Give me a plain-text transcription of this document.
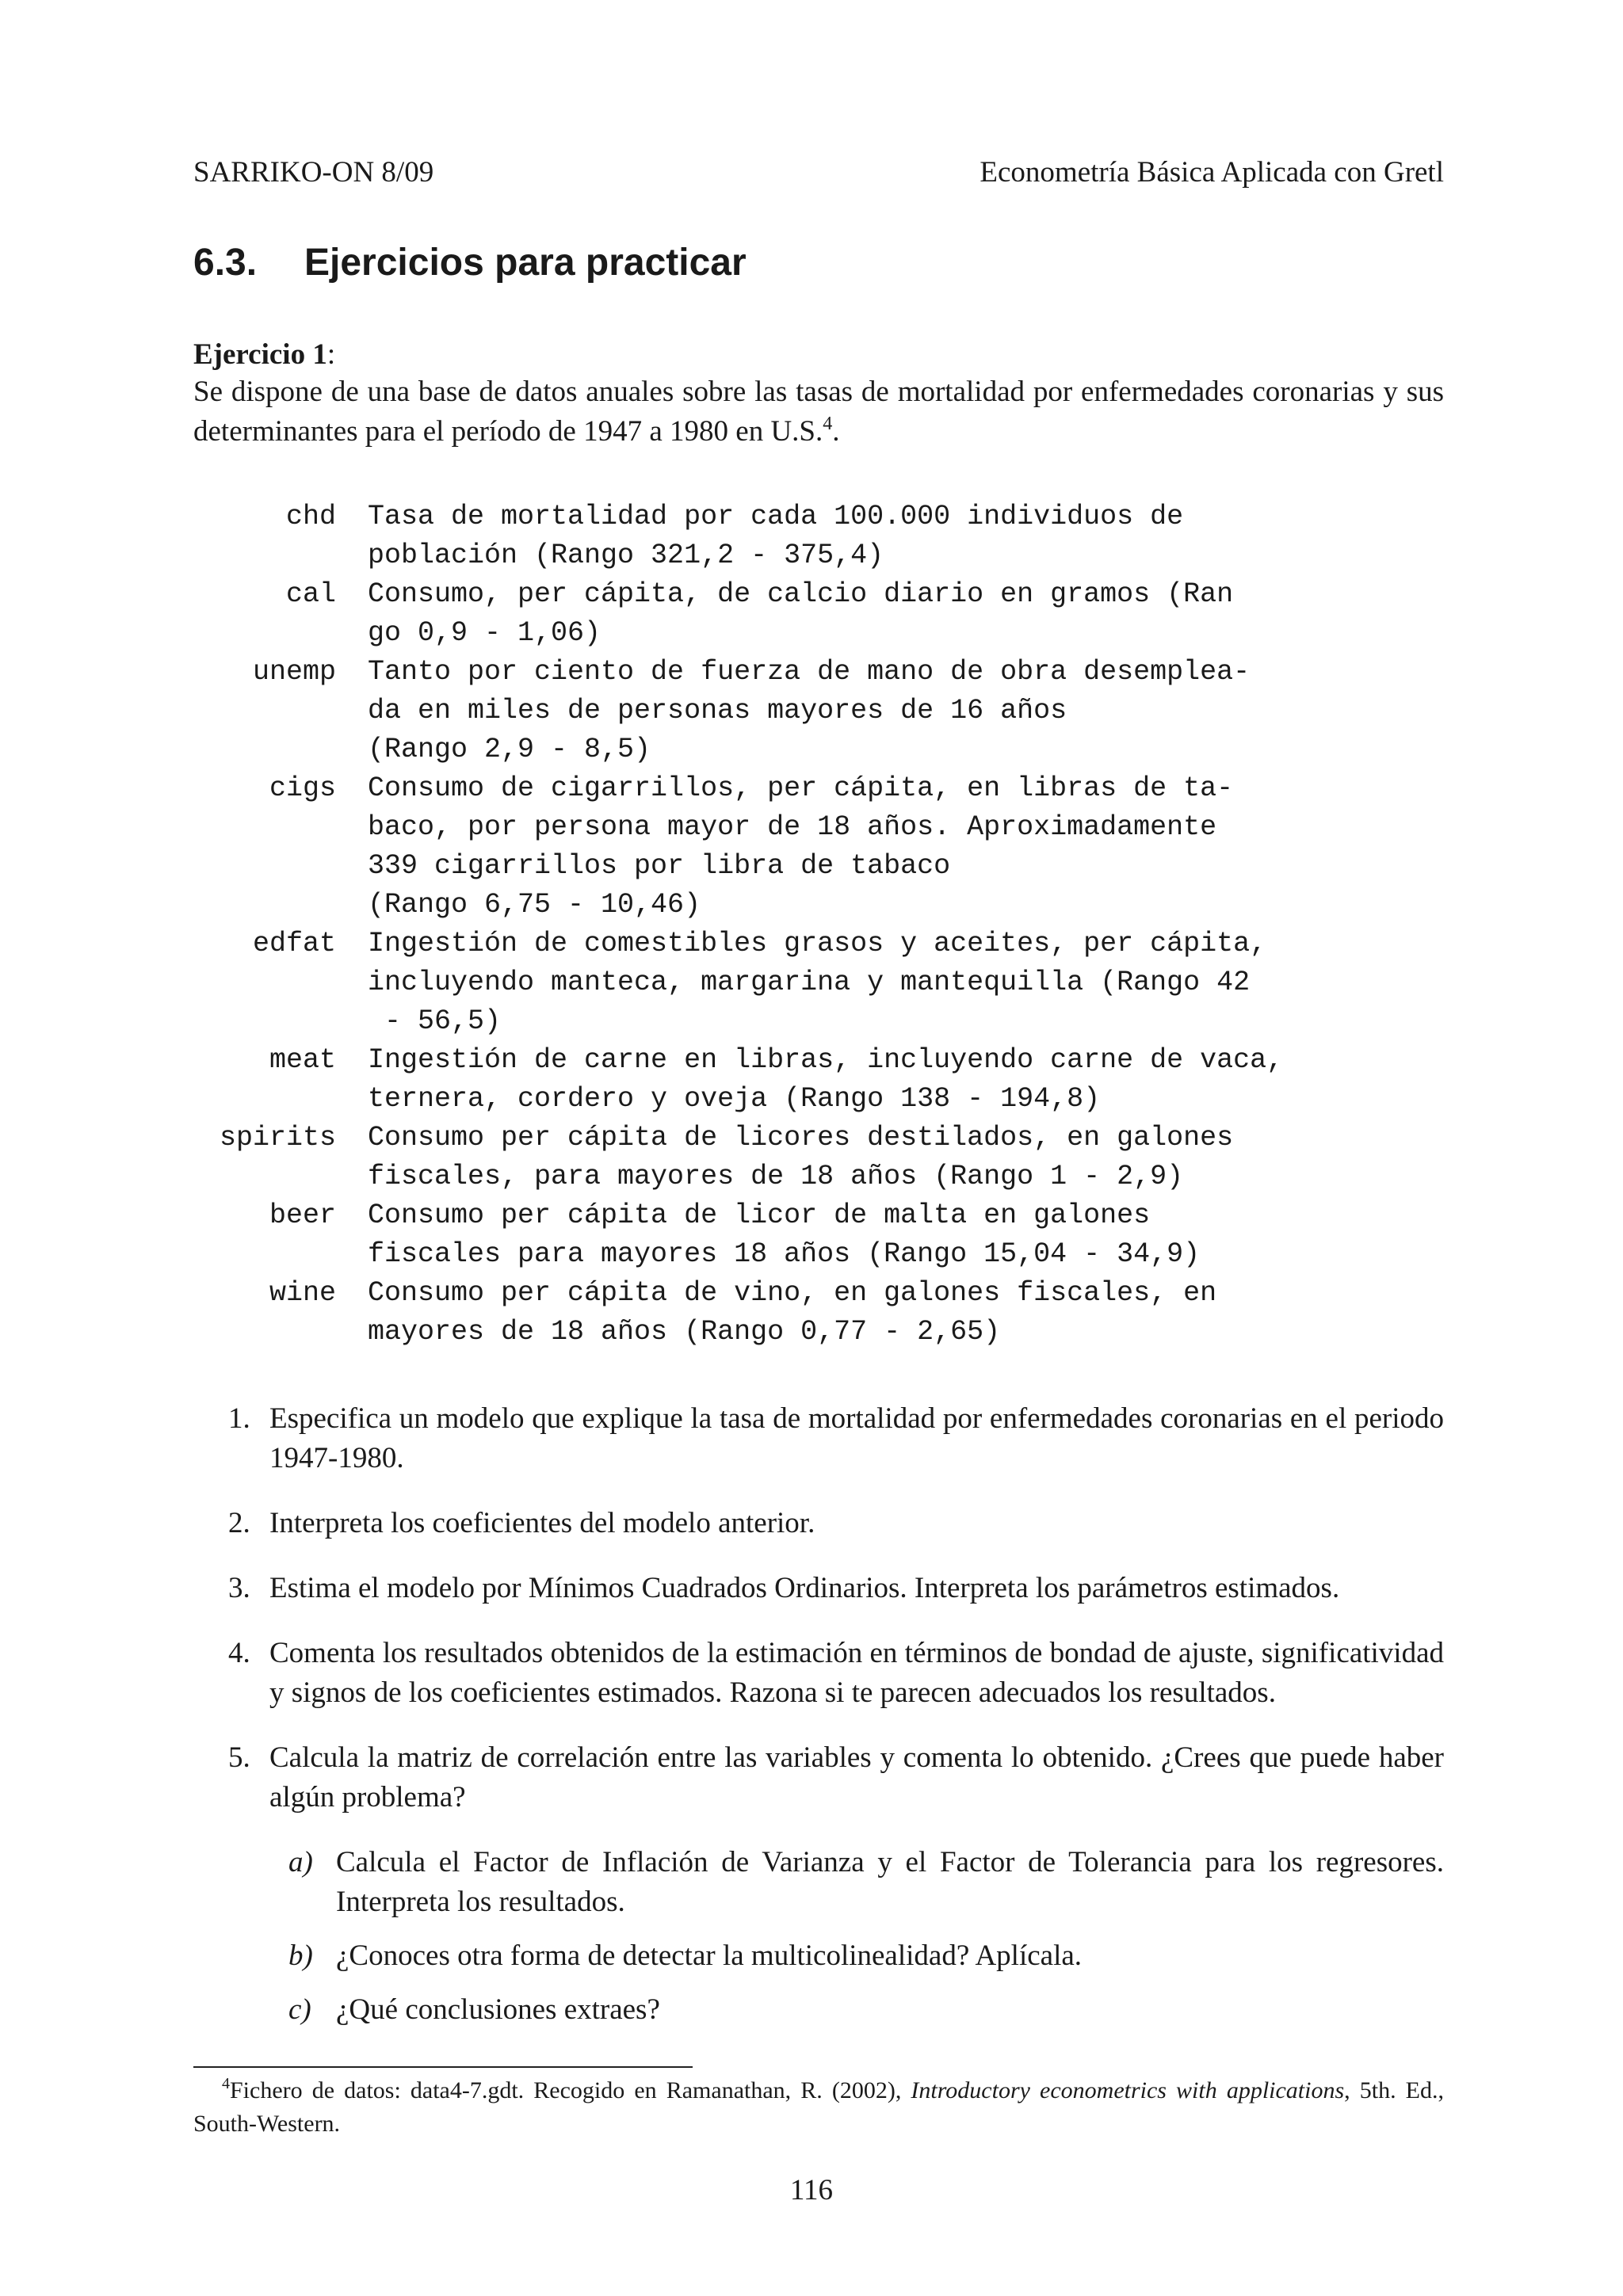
SARRIKO-ON 8/09	Econometría Básica Aplicada con Gretl
6.3. Ejercicios para practicar
Ejercicio 1:

Se dispone de una base de datos anuales sobre las tasas de mortalidad por enfermedades coronarias y sus determinantes para el período de 1947 a 1980 en U.S.$^4$.

chd	Tasa de mortalidad por cada 100.000 individuos de
población (Rango 321,2 - 375,4)
cal	Consumo, per cápita, de calcio diario en gramos (Ran
go 0,9 - 1,06)
unemp	Tanto por ciento de fuerza de mano de obra desemplea-
da en miles de personas mayores de 16 años
(Rango 2,9 - 8,5)
cigs	Consumo de cigarrillos, per cápita, en libras de ta-
baco, por persona mayor de 18 años. Aproximadamente
339 cigarrillos por libra de tabaco
(Rango 6,75 - 10,46)
edfat	Ingestión de comestibles grasos y aceites, per cápita,
incluyendo manteca, margarina y mantequilla (Rango 42
- 56,5)
meat	Ingestión de carne en libras, incluyendo carne de vaca,
ternera, cordero y oveja (Rango 138 - 194,8)
spirits	Consumo per cápita de licores destilados, en galones
fiscales, para mayores de 18 años (Rango 1 - 2,9)
beer	Consumo per cápita de licor de malta en galones
fiscales para mayores 18 años (Rango 15,04 - 34,9)
wine	Consumo per cápita de vino, en galones fiscales, en
mayores de 18 años (Rango 0,77 - 2,65)
1. Especifica un modelo que explique la tasa de mortalidad por enfermedades coronarias en el periodo 1947-1980.
2. Interpreta los coeficientes del modelo anterior.
3. Estima el modelo por Mínimos Cuadrados Ordinarios. Interpreta los parámetros estimados.
4. Comenta los resultados obtenidos de la estimación en términos de bondad de ajuste, significatividad y signos de los coeficientes estimados. Razona si te parecen adecuados los resultados.
5. Calcula la matriz de correlación entre las variables y comenta lo obtenido. ¿Crees que puede haber algún problema?
a) Calcula el Factor de Inflación de Varianza y el Factor de Tolerancia para los regresores. Interpreta los resultados.
b) ¿Conoces otra forma de detectar la multicolinealidad? Aplícala.
c) ¿Qué conclusiones extraes?

$^4$Fichero de datos: data4-7.gdt. Recogido en Ramanathan, R. (2002), Introductory econometrics with applications, 5th. Ed., South-Western.

116
